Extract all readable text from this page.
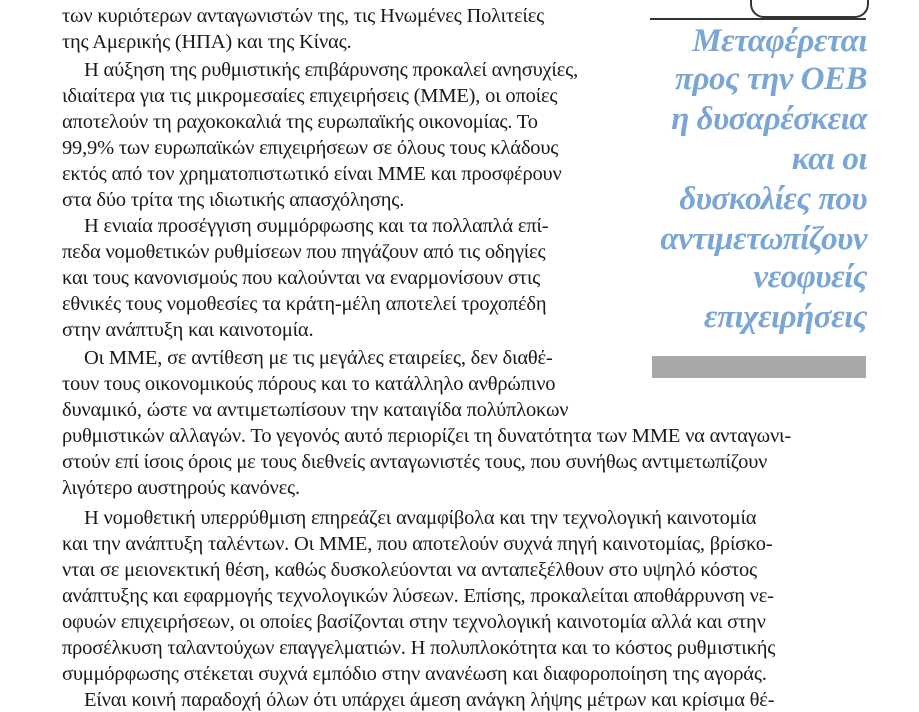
των κυριότερων ανταγωνιστών της, τις Ηνωμένες Πολιτείες
της Αμερικής (ΗΠΑ) και της Κίνας.
Η αύξηση της ρυθμιστικής επιβάρυνσης προκαλεί ανησυχίες,
ιδιαίτερα για τις μικρομεσαίες επιχειρήσεις (ΜΜΕ), οι οποίες
αποτελούν τη ραχοκοκαλιά της ευρωπαϊκής οικονομίας. Το
99,9% των ευρωπαϊκών επιχειρήσεων σε όλους τους κλάδους
εκτός από τον χρηματοπιστωτικό είναι ΜΜΕ και προσφέρουν
στα δύο τρίτα της ιδιωτικής απασχόλησης.
Η ενιαία προσέγγιση συμμόρφωσης και τα πολλαπλά επί-
πεδα νομοθετικών ρυθμίσεων που πηγάζουν από τις οδηγίες
και τους κανονισμούς που καλούνται να εναρμονίσουν στις
εθνικές τους νομοθεσίες τα κράτη-μέλη αποτελεί τροχοπέδη
στην ανάπτυξη και καινοτομία.
Οι ΜΜΕ, σε αντίθεση με τις μεγάλες εταιρείες, δεν διαθέ-
τουν τους οικονομικούς πόρους και το κατάλληλο ανθρώπινο
δυναμικό, ώστε να αντιμετωπίσουν την καταιγίδα πολύπλοκων
ρυθμιστικών αλλαγών. Το γεγονός αυτό περιορίζει τη δυνατότητα των ΜΜΕ να ανταγωνι-
στούν επί ίσοις όροις με τους διεθνείς ανταγωνιστές τους, που συνήθως αντιμετωπίζουν
λιγότερο αυστηρούς κανόνες.
Η νομοθετική υπερρύθμιση επηρεάζει αναμφίβολα και την τεχνολογική καινοτομία
και την ανάπτυξη ταλέντων. Οι ΜΜΕ, που αποτελούν συχνά πηγή καινοτομίας, βρίσκο-
νται σε μειονεκτική θέση, καθώς δυσκολεύονται να ανταπεξέλθουν στο υψηλό κόστος
ανάπτυξης και εφαρμογής τεχνολογικών λύσεων. Επίσης, προκαλείται αποθάρρυνση νε-
οφυών επιχειρήσεων, οι οποίες βασίζονται στην τεχνολογική καινοτομία αλλά και στην
προσέλκυση ταλαντούχων επαγγελματιών. Η πολυπλοκότητα και το κόστος ρυθμιστικής
συμμόρφωσης στέκεται συχνά εμπόδιο στην ανανέωση και διαφοροποίηση της αγοράς.
Είναι κοινή παραδοχή όλων ότι υπάρχει άμεση ανάγκη λήψης μέτρων και κρίσιμα θέ-
Μεταφέρεται
προς την ΟΕΒ
η δυσαρέσκεια
και οι
δυσκολίες που
αντιμετωπίζουν
νεοφυείς
επιχειρήσεις
